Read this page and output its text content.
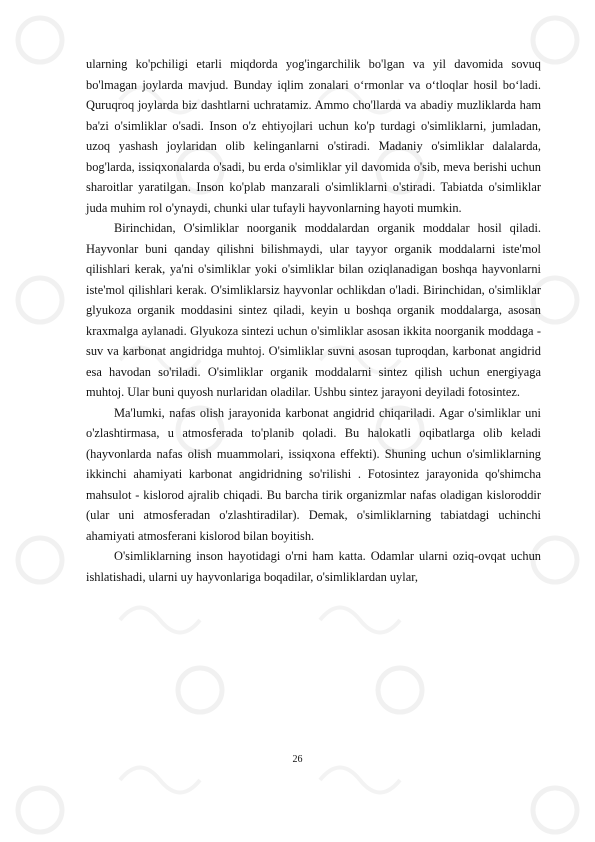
ularning ko'pchiligi etarli miqdorda yog'ingarchilik bo'lgan va yil davomida sovuq bo'lmagan joylarda mavjud. Bunday iqlim zonalari o‘rmonlar va o‘tloqlar hosil bo‘ladi. Quruqroq joylarda biz dashtlarni uchratamiz. Ammo cho'llarda va abadiy muzliklarda ham ba'zi o'simliklar o'sadi. Inson o'z ehtiyojlari uchun ko'p turdagi o'simliklarni, jumladan, uzoq yashash joylaridan olib kelinganlarni o'stiradi. Madaniy o'simliklar dalalarda, bog'larda, issiqxonalarda o'sadi, bu erda o'simliklar yil davomida o'sib, meva berishi uchun sharoitlar yaratilgan. Inson ko'plab manzarali o'simliklarni o'stiradi. Tabiatda o'simliklar juda muhim rol o'ynaydi, chunki ular tufayli hayvonlarning hayoti mumkin.

Birinchidan, O'simliklar noorganik moddalardan organik moddalar hosil qiladi. Hayvonlar buni qanday qilishni bilishmaydi, ular tayyor organik moddalarni iste'mol qilishlari kerak, ya'ni o'simliklar yoki o'simliklar bilan oziqlanadigan boshqa hayvonlarni iste'mol qilishlari kerak. O'simliklarsiz hayvonlar ochlikdan o'ladi. Birinchidan, o'simliklar glyukoza organik moddasini sintez qiladi, keyin u boshqa organik moddalarga, asosan kraxmalga aylanadi. Glyukoza sintezi uchun o'simliklar asosan ikkita noorganik moddaga - suv va karbonat angidridga muhtoj. O'simliklar suvni asosan tuproqdan, karbonat angidrid esa havodan so'riladi. O'simliklar organik moddalarni sintez qilish uchun energiyaga muhtoj. Ular buni quyosh nurlaridan oladilar. Ushbu sintez jarayoni deyiladi fotosintez.

Ma'lumki, nafas olish jarayonida karbonat angidrid chiqariladi. Agar o'simliklar uni o'zlashtirmasa, u atmosferada to'planib qoladi. Bu halokatli oqibatlarga olib keladi (hayvonlarda nafas olish muammolari, issiqxona effekti). Shuning uchun o'simliklarning ikkinchi ahamiyati karbonat angidridning so'rilishi . Fotosintez jarayonida qo'shimcha mahsulot - kislorod ajralib chiqadi. Bu barcha tirik organizmlar nafas oladigan kisloroddir (ular uni atmosferadan o'zlashtiradilar). Demak, o'simliklarning tabiatdagi uchinchi ahamiyati atmosferani kislorod bilan boyitish.

O'simliklarning inson hayotidagi o'rni ham katta. Odamlar ularni oziq-ovqat uchun ishlatishadi, ularni uy hayvonlariga boqadilar, o'simliklardan uylar,

26
